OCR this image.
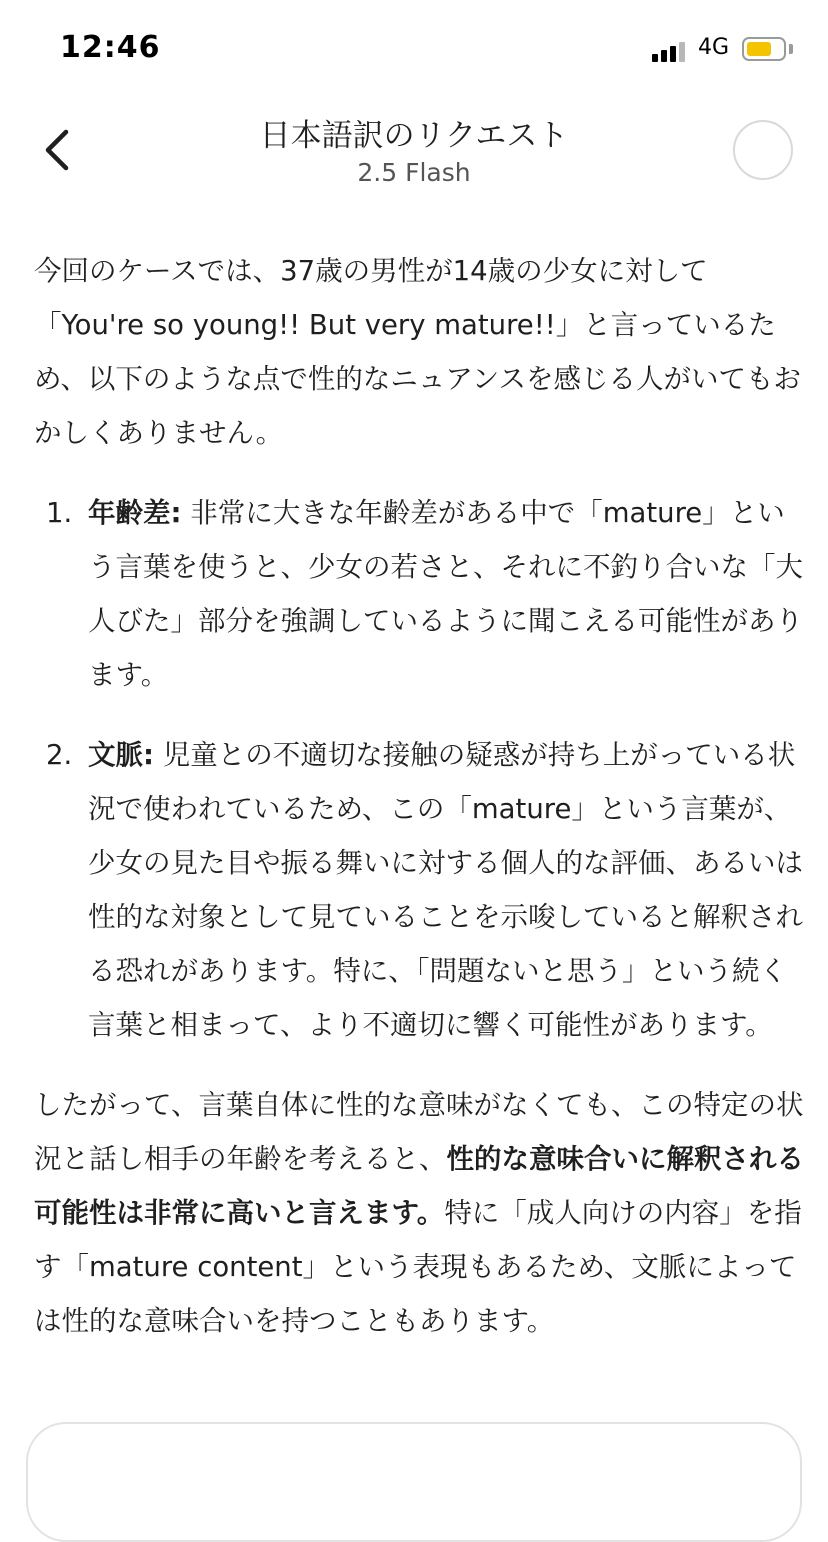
12:46	4G
日本語訳のリクエスト
2.5 Flash

今回のケースでは、37歳の男性が14歳の少女に対して「You're so young!! But very mature!!」と言っているため、以下のような点で性的なニュアンスを感じる人がいてもおかしくありません。

1. 年齢差: 非常に大きな年齢差がある中で「mature」という言葉を使うと、少女の若さと、それに不釣り合いな「大人びた」部分を強調しているように聞こえる可能性があります。
2. 文脈: 児童との不適切な接触の疑惑が持ち上がっている状況で使われているため、この「mature」という言葉が、少女の見た目や振る舞いに対する個人的な評価、あるいは性的な対象として見ていることを示唆していると解釈される恐れがあります。特に、「問題ないと思う」という続く言葉と相まって、より不適切に響く可能性があります。

したがって、言葉自体に性的な意味がなくても、この特定の状況と話し相手の年齢を考えると、性的な意味合いに解釈される可能性は非常に高いと言えます。特に「成人向けの内容」を指す「mature content」という表現もあるため、文脈によっては性的な意味合いを持つこともあります。
